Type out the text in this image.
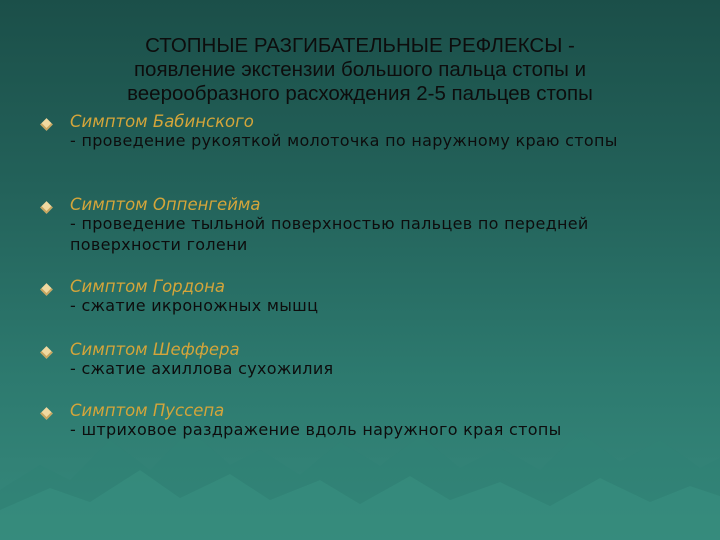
СТОПНЫЕ РАЗГИБАТЕЛЬНЫЕ РЕФЛЕКСЫ -
появление экстензии большого пальца стопы и
веерообразного расхождения 2-5 пальцев стопы
Симптом Бабинского
- проведение рукояткой молоточка по наружному краю стопы
Симптом Оппенгейма
- проведение тыльной поверхностью пальцев по передней поверхности голени
Симптом Гордона
- сжатие икроножных мышц
Симптом Шеффера
- сжатие ахиллова сухожилия
Симптом Пуссепа
- штриховое раздражение вдоль наружного края стопы
